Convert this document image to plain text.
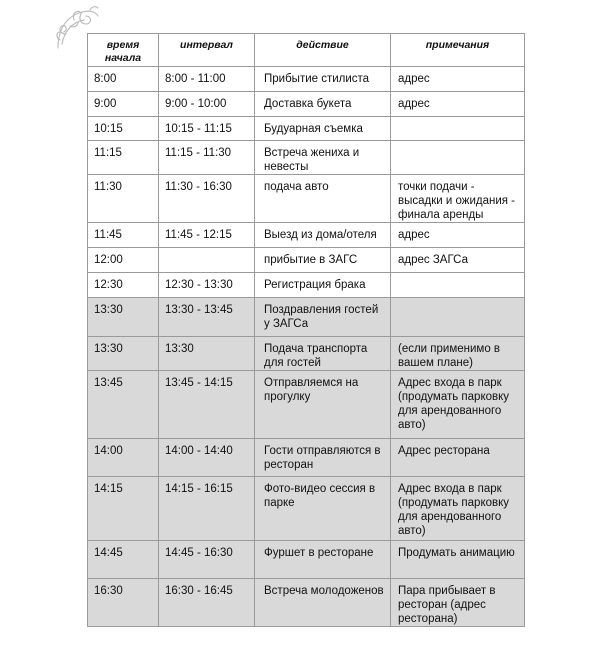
время начала	интервал	действие	примечания
8:00	8:00 - 11:00	Прибытие стилиста	адрес
9:00	9:00 - 10:00	Доставка букета	адрес
10:15	10:15 - 11:15	Будуарная съемка	
11:15	11:15 - 11:30	Встреча жениха и невесты	
11:30	11:30 - 16:30	подача авто	точки подачи - высадки и ожидания - финала аренды
11:45	11:45 - 12:15	Выезд из дома/отеля	адрес
12:00		прибытие в ЗАГС	адрес ЗАГСа
12:30	12:30 - 13:30	Регистрация брака	
13:30	13:30 - 13:45	Поздравления гостей у ЗАГСа	
13:30	13:30	Подача транспорта для гостей	(если применимо в вашем плане)
13:45	13:45 - 14:15	Отправляемся на прогулку	Адрес входа в парк (продумать парковку для арендованного авто)
14:00	14:00 - 14:40	Гости отправляются в ресторан	Адрес ресторана
14:15	14:15 - 16:15	Фото-видео сессия в парке	Адрес входа в парк (продумать парковку для арендованного авто)
14:45	14:45 - 16:30	Фуршет в ресторане	Продумать анимацию
16:30	16:30 - 16:45	Встреча молодоженов	Пара прибывает в ресторан (адрес ресторана)
